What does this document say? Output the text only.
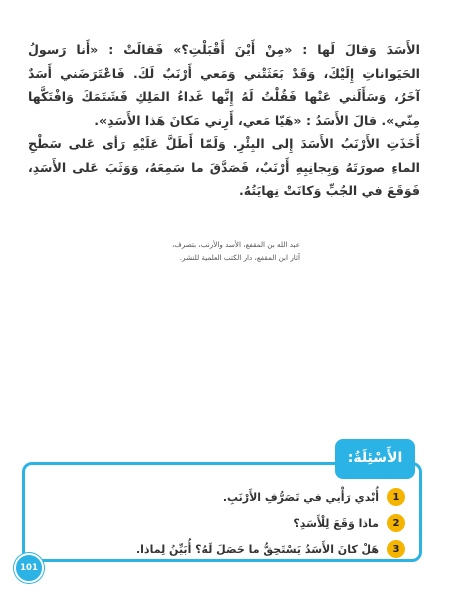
الأَسَدَ وَقالَ لَها : «مِنْ أَيْنَ أَقْبَلْتِ؟» فَقالَتْ : «أَنا رَسولُ الحَيَواناتِ إِلَيْكَ، وَقَدْ بَعَثَتْني وَمَعي أَرْنَبٌ لَكَ. فَاعْتَرَضَني أَسَدٌ آخَرُ، وَسَأَلَني عَنْها فَقُلْتُ لَهُ إِنَّها غَداءُ المَلِكِ فَشَتَمَكَ وَافْتَكَّها مِنّي». قالَ الأَسَدُ : «هَيّا مَعي، أَرِني مَكانَ هَذا الأَسَدِ».

أَخَذَتِ الأَرْنَبُ الأَسَدَ إِلى البِئْرِ. وَلَمّا أَطَلَّ عَلَيْهِ رَأى عَلى سَطْحِ الماءِ صورَتَهُ وَبِجانِبِهِ أَرْنَبٌ، فَصَدَّقَ ما سَمِعَهُ، وَوَثَبَ عَلى الأَسَدِ، فَوَقَعَ في الجُبِّ وَكانَتْ نِهايَتُهُ.

عبد الله بن المقفع، الأسد والأرنب، بتصرف،

آثار ابن المقفع، دار الكتب العلمية للنشر.

الأَسْئِلَةُ:
1
أُبْدي رَأْيي في تَصَرُّفِ الأَرْنَبِ.
2
ماذا وَقَعَ لِلْأَسَدِ؟
3
هَلْ كانَ الأَسَدُ يَسْتَحِقُّ ما حَصَلَ لَهُ؟ أُبَيِّنُ لِماذا.
101
